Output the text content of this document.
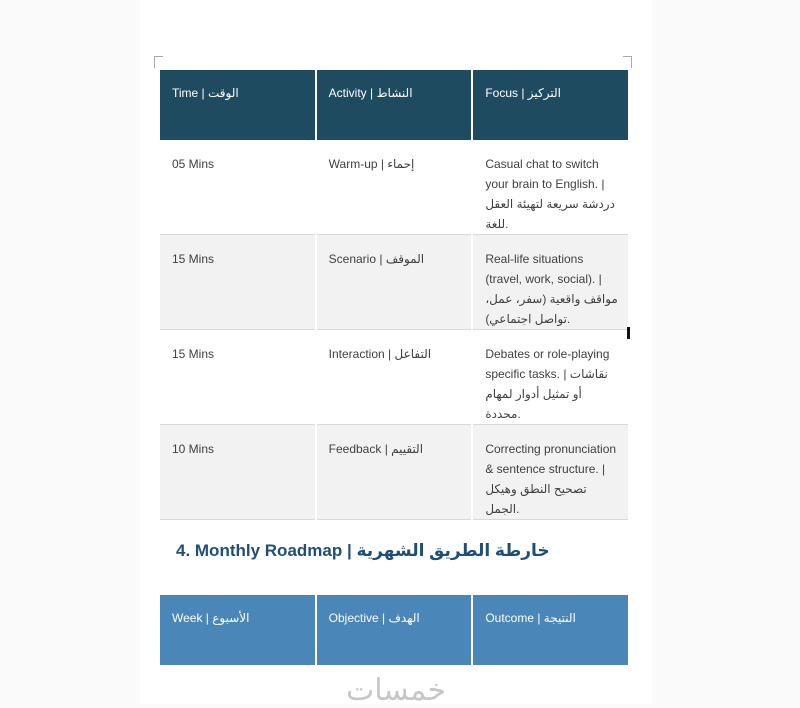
Time | الوقت	Activity | النشاط	Focus | التركيز
05 Mins	Warm-up | إحماء	Casual chat to switch your brain to English. | دردشة سريعة لتهيئة العقل للغة.
15 Mins	Scenario | الموقف	Real-life situations (travel, work, social). | مواقف واقعية (سفر، عمل، تواصل اجتماعي).
15 Mins	Interaction | التفاعل	Debates or role-playing specific tasks. | نقاشات أو تمثيل أدوار لمهام محددة.
10 Mins	Feedback | التقييم	Correcting pronunciation & sentence structure. | تصحيح النطق وهيكل الجمل.
4. Monthly Roadmap | خارطة الطريق الشهرية
Week | الأسبوع	Objective | الهدف	Outcome | النتيجة
خمسات
